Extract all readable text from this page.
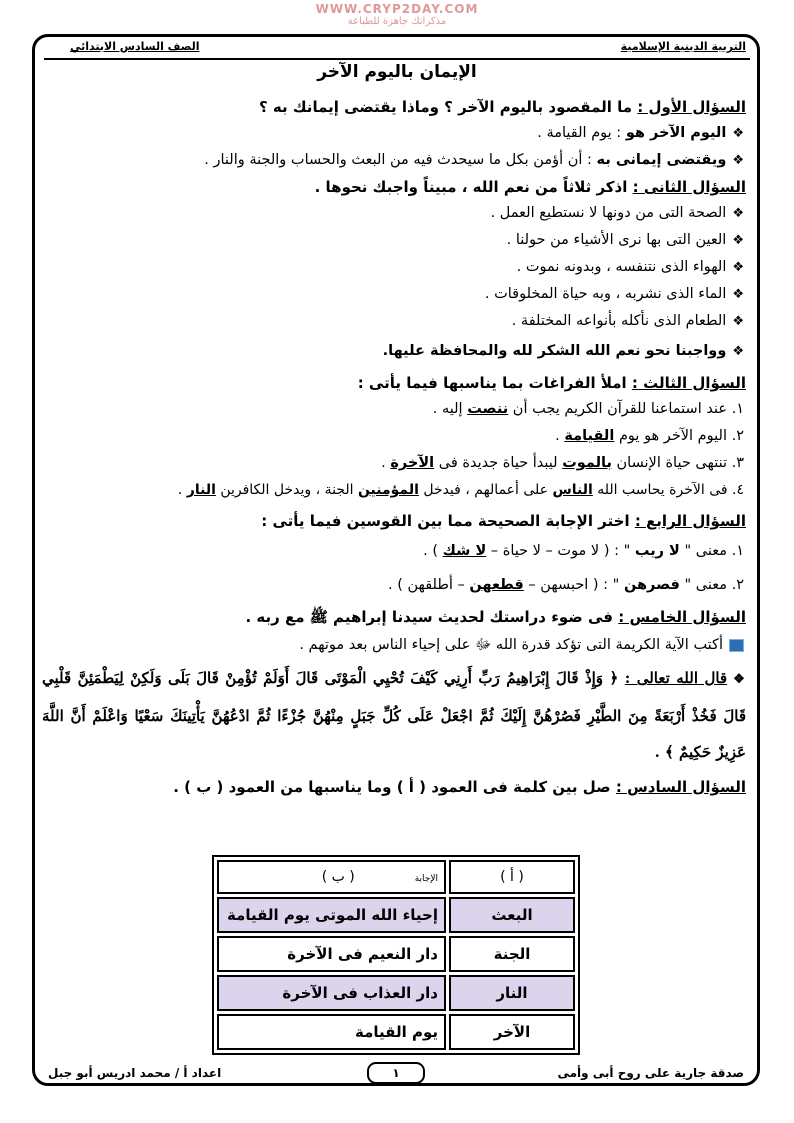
WWW.CRYP2DAY.COM
مذكراتك جاهزة للطباعة
التربية الدينية الإسلامية
الصف السادس الابتدائي
الإيمان باليوم الآخر

السؤال الأول : ما المقصود باليوم الآخر ؟ وماذا يقتضى إيمانك به ؟

❖اليوم الآخر هو : يوم القيامة .

❖ويقتضى إيمانى به : أن أؤمن بكل ما سيحدث فيه من البعث والحساب والجنة والنار .

السؤال الثانى : اذكر ثلاثاً من نعم الله ، مبيناً واجبك نحوها .

❖الصحة التى من دونها لا نستطيع العمل .

❖العين التى بها نرى الأشياء من حولنا .

❖الهواء الذى نتنفسه ، وبدونه نموت .

❖الماء الذى نشربه ، وبه حياة المخلوقات .

❖الطعام الذى نأكله بأنواعه المختلفة .

❖وواجبنا نحو نعم الله الشكر لله والمحافظة عليها.

السؤال الثالث : املأ الفراغات بما يناسبها فيما يأتى :

١. عند استماعنا للقرآن الكريم يجب أن ننصت إليه .

٢. اليوم الآخر هو يوم القيامة .

٣. تنتهى حياة الإنسان بالموت ليبدأ حياة جديدة فى الآخرة .

٤. فى الآخرة يحاسب الله الناس على أعمالهم ، فيدخل المؤمنين الجنة ، ويدخل الكافرين النار .

السؤال الرابع : اختر الإجابة الصحيحة مما بين القوسين فيما يأتى :

١. معنى " لا ريب " : ( لا موت – لا حياة – لا شك ) .

٢. معنى " فصرهن " : ( احبسهن – قطعهن – أطلقهن ) .

السؤال الخامس : فى ضوء دراستك لحديث سيدنا إبراهيم ﷺ مع ربه .

أكتب الآية الكريمة التى تؤكد قدرة الله ﷻ على إحياء الناس بعد موتهم .

❖قال الله تعالى : ﴿ وَإِذْ قَالَ إِبْرَاهِيمُ رَبِّ أَرِنِي كَيْفَ تُحْيِي الْمَوْتَى قَالَ أَوَلَمْ تُؤْمِنْ قَالَ بَلَى وَلَكِنْ لِيَطْمَئِنَّ قَلْبِي قَالَ فَخُذْ أَرْبَعَةً مِنَ الطَّيْرِ فَصُرْهُنَّ إِلَيْكَ ثُمَّ اجْعَلْ عَلَى كُلِّ جَبَلٍ مِنْهُنَّ جُزْءًا ثُمَّ ادْعُهُنَّ يَأْتِينَكَ سَعْيًا وَاعْلَمْ أَنَّ اللَّهَ عَزِيزٌ حَكِيمٌ ﴾ .

السؤال السادس : صل بين كلمة فى العمود ( أ ) وما يناسبها من العمود ( ب ) .

( أ )	الإجابة( ب )
البعث	إحياء الله الموتى يوم القيامة
الجنة	دار النعيم فى الآخرة
النار	دار العذاب فى الآخرة
الآخر	يوم القيامة
صدقة جارية على روح أبى وأمى
اعداد أ / محمد ادريس أبو جبل	١
